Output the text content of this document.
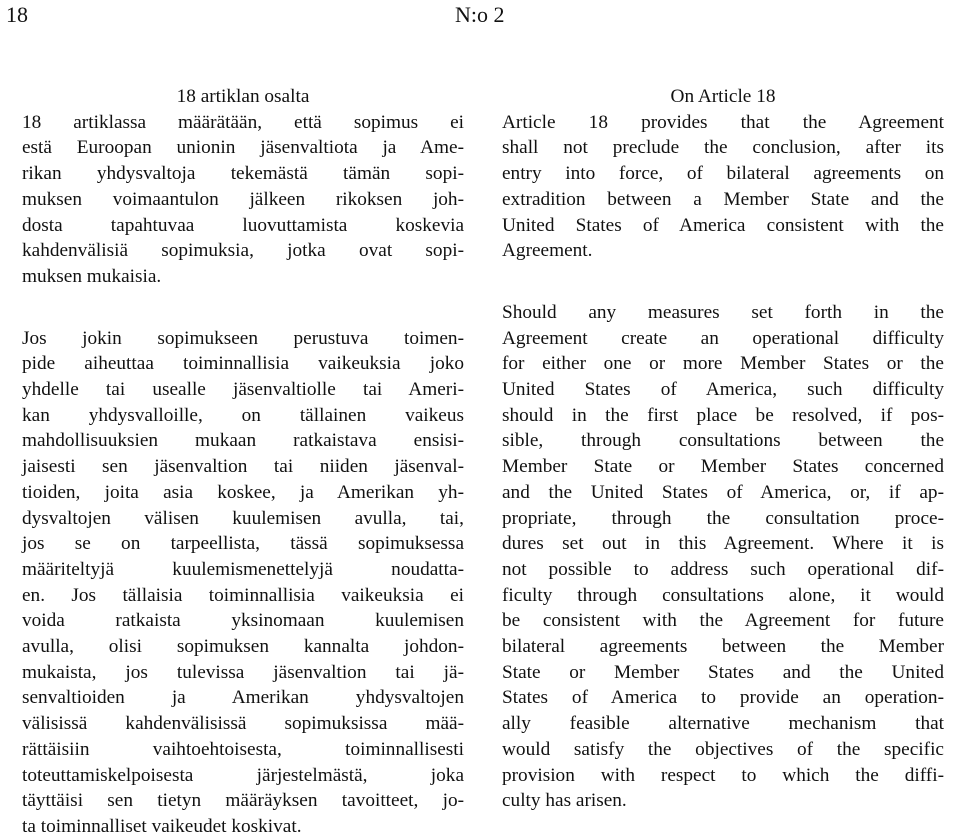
18	N:o 2

18 artiklan osalta

18 artiklassa määrätään, että sopimus ei
estä Euroopan unionin jäsenvaltiota ja Ame-
rikan yhdysvaltoja tekemästä tämän sopi-
muksen voimaantulon jälkeen rikoksen joh-
dosta tapahtuvaa luovuttamista koskevia
kahdenvälisiä sopimuksia, jotka ovat sopi-
muksen mukaisia.
Jos jokin sopimukseen perustuva toimen-
pide aiheuttaa toiminnallisia vaikeuksia joko
yhdelle tai usealle jäsenvaltiolle tai Ameri-
kan yhdysvalloille, on tällainen vaikeus
mahdollisuuksien mukaan ratkaistava ensisi-
jaisesti sen jäsenvaltion tai niiden jäsenval-
tioiden, joita asia koskee, ja Amerikan yh-
dysvaltojen välisen kuulemisen avulla, tai,
jos se on tarpeellista, tässä sopimuksessa
määriteltyjä kuulemismenettelyjä noudatta-
en. Jos tällaisia toiminnallisia vaikeuksia ei
voida ratkaista yksinomaan kuulemisen
avulla, olisi sopimuksen kannalta johdon-
mukaista, jos tulevissa jäsenvaltion tai jä-
senvaltioiden ja Amerikan yhdysvaltojen
välisissä kahdenvälisissä sopimuksissa mää-
rättäisiin vaihtoehtoisesta, toiminnallisesti
toteuttamiskelpoisesta järjestelmästä, joka
täyttäisi sen tietyn määräyksen tavoitteet, jo-
ta toiminnalliset vaikeudet koskivat.

On Article 18

Article 18 provides that the Agreement
shall not preclude the conclusion, after its
entry into force, of bilateral agreements on
extradition between a Member State and the
United States of America consistent with the
Agreement.
Should any measures set forth in the
Agreement create an operational difficulty
for either one or more Member States or the
United States of America, such difficulty
should in the first place be resolved, if pos-
sible, through consultations between the
Member State or Member States concerned
and the United States of America, or, if ap-
propriate, through the consultation proce-
dures set out in this Agreement. Where it is
not possible to address such operational dif-
ficulty through consultations alone, it would
be consistent with the Agreement for future
bilateral agreements between the Member
State or Member States and the United
States of America to provide an operation-
ally feasible alternative mechanism that
would satisfy the objectives of the specific
provision with respect to which the diffi-
culty has arisen.
